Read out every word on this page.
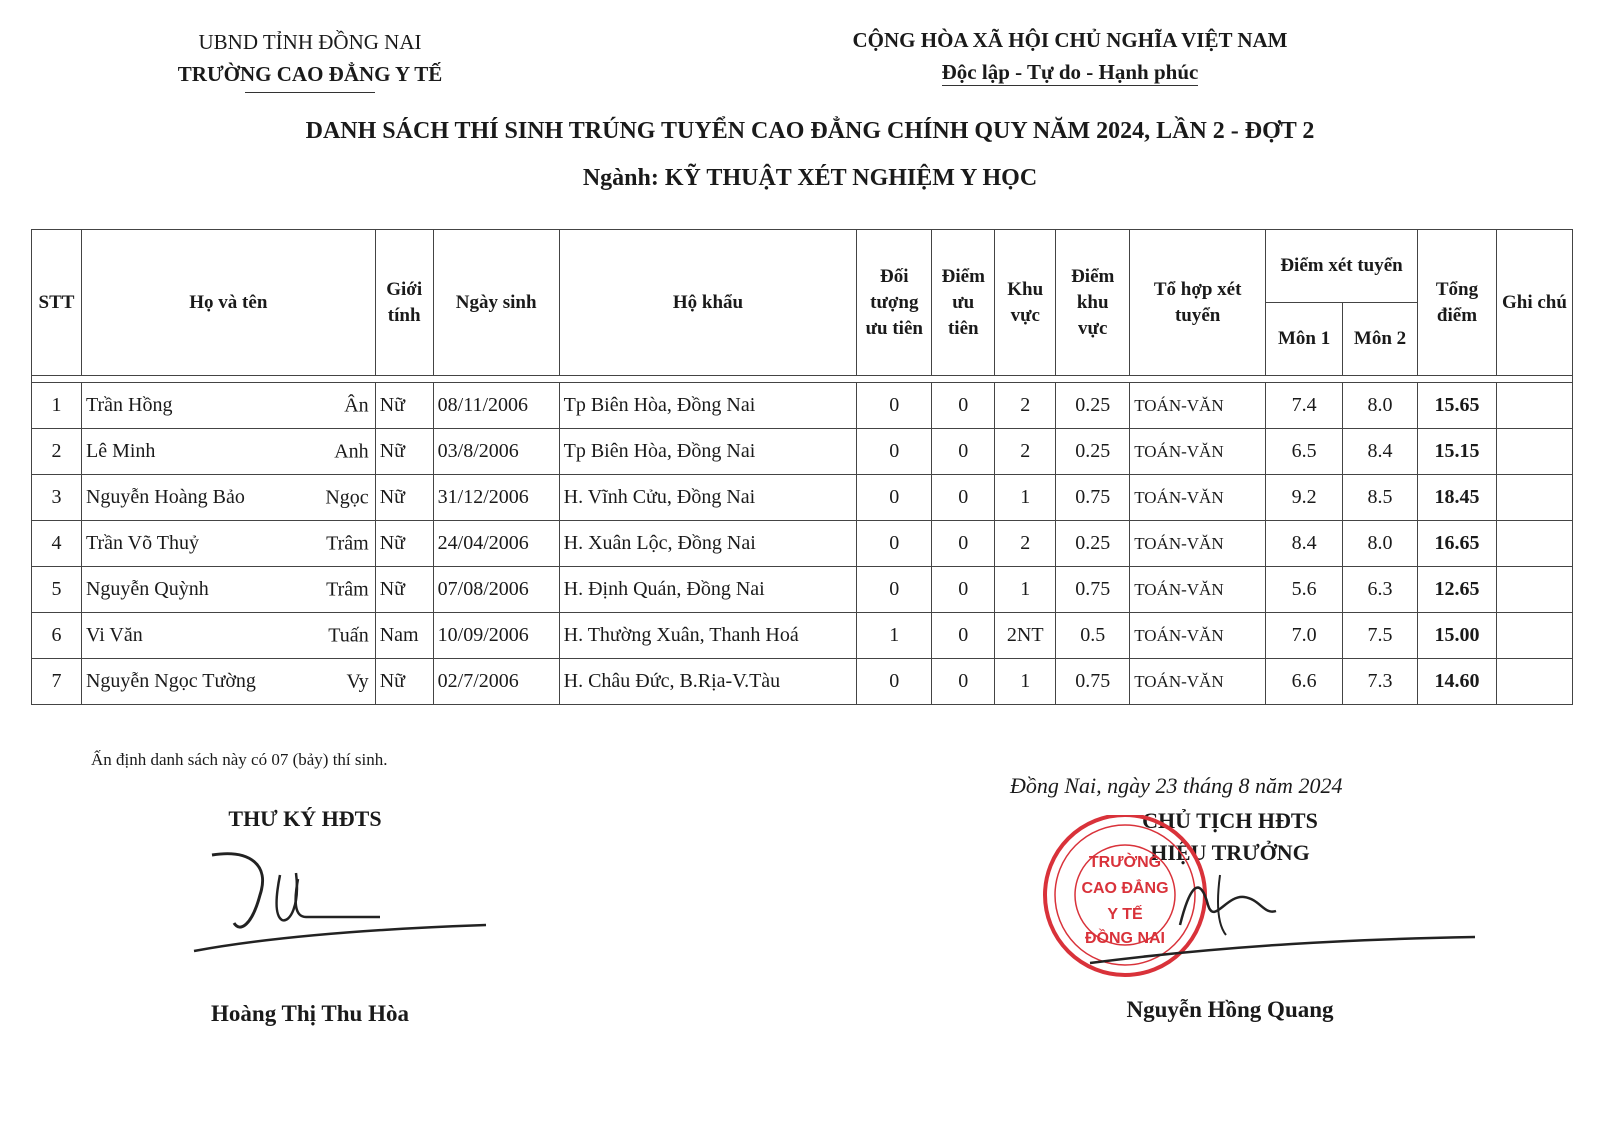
UBND TỈNH ĐỒNG NAI
TRƯỜNG CAO ĐẲNG Y TẾ
CỘNG HÒA XÃ HỘI CHỦ NGHĨA VIỆT NAM
Độc lập - Tự do - Hạnh phúc
DANH SÁCH THÍ SINH TRÚNG TUYỂN CAO ĐẲNG CHÍNH QUY NĂM 2024, LẦN 2 - ĐỢT 2
Ngành: KỸ THUẬT XÉT NGHIỆM Y HỌC
STT	Họ và tên	Giới tính	Ngày sinh	Hộ khẩu	Đối tượng ưu tiên	Điểm ưu tiên	Khu vực	Điểm khu vực	Tổ hợp xét tuyển	Điểm xét tuyển		Tổng điểm	Ghi chú
										Môn 1	Môn 2		

1	Trần Hồng Ân	Nữ	08/11/2006	Tp Biên Hòa, Đồng Nai	0	0	2	0.25	TOÁN-VĂN	7.4	8.0	15.65	
2	Lê Minh Anh	Nữ	03/8/2006	Tp Biên Hòa, Đồng Nai	0	0	2	0.25	TOÁN-VĂN	6.5	8.4	15.15	
3	Nguyễn Hoàng Bảo Ngọc	Nữ	31/12/2006	H. Vĩnh Cửu, Đồng Nai	0	0	1	0.75	TOÁN-VĂN	9.2	8.5	18.45	
4	Trần Võ Thuỷ Trâm	Nữ	24/04/2006	H. Xuân Lộc, Đồng Nai	0	0	2	0.25	TOÁN-VĂN	8.4	8.0	16.65	
5	Nguyễn Quỳnh Trâm	Nữ	07/08/2006	H. Định Quán, Đồng Nai	0	0	1	0.75	TOÁN-VĂN	5.6	6.3	12.65	
6	Vi Văn Tuấn	Nam	10/09/2006	H. Thường Xuân, Thanh Hoá	1	0	2NT	0.5	TOÁN-VĂN	7.0	7.5	15.00	
7	Nguyễn Ngọc Tường Vy	Nữ	02/7/2006	H. Châu Đức, B.Rịa-V.Tàu	0	0	1	0.75	TOÁN-VĂN	6.6	7.3	14.60	
Ấn định danh sách này có 07 (bảy) thí sinh.
THƯ KÝ HĐTS
Hoàng Thị Thu Hòa
Đồng Nai, ngày 23 tháng 8 năm 2024
CHỦ TỊCH HĐTS
HIỆU TRƯỞNG
TRƯỜNG
CAO ĐẲNG
Y TẾ
ĐỒNG NAI
Nguyễn Hồng Quang
